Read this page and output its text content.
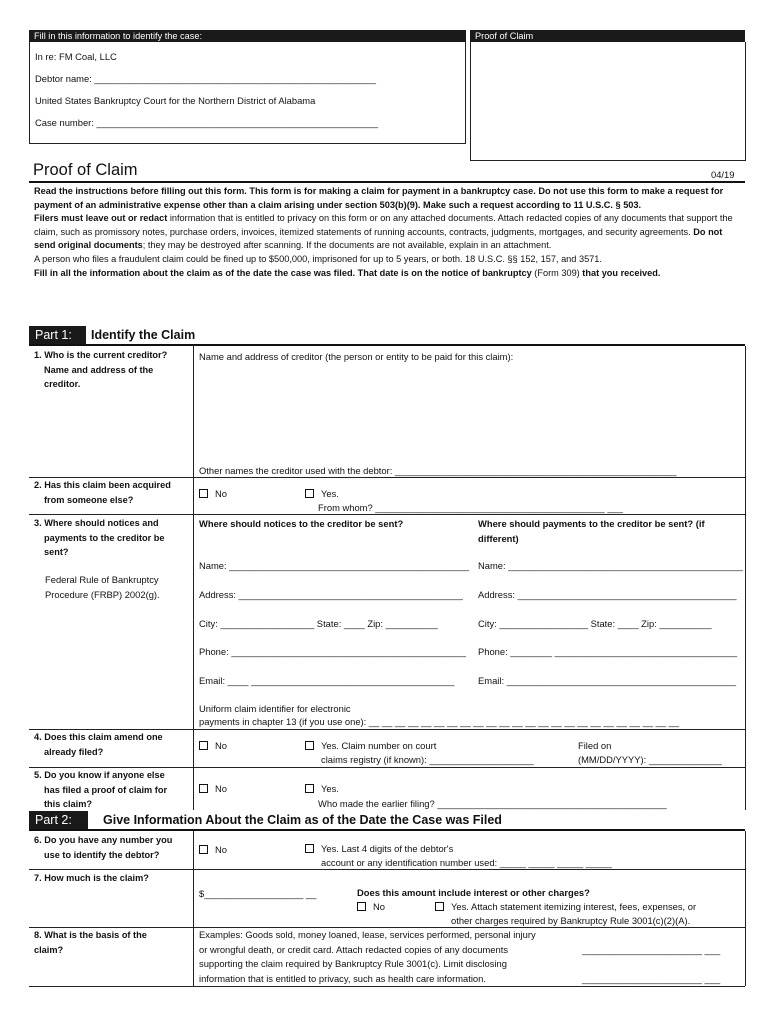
Fill in this information to identify the case:
In re: FM Coal, LLC
Debtor name: ______________________________________________________
United States Bankruptcy Court for the Northern District of Alabama
Case number: ______________________________________________________
Proof of Claim
Proof of Claim	04/19
Read the instructions before filling out this form. This form is for making a claim for payment in a bankruptcy case. Do not use this form to make a request for payment of an administrative expense other than a claim arising under section 503(b)(9). Make such a request according to 11 U.S.C. § 503.
Filers must leave out or redact information that is entitled to privacy on this form or on any attached documents. Attach redacted copies of any documents that support the claim, such as promissory notes, purchase orders, invoices, itemized statements of running accounts, contracts, judgments, mortgages, and security agreements. Do not send original documents; they may be destroyed after scanning. If the documents are not available, explain in an attachment.
A person who files a fraudulent claim could be fined up to $500,000, imprisoned for up to 5 years, or both. 18 U.S.C. §§ 152, 157, and 3571.
Fill in all the information about the claim as of the date the case was filed. That date is on the notice of bankruptcy (Form 309) that you received.
Part 1:	Identify the Claim
1. Who is the current creditor?
Name and address of the
creditor.
Name and address of creditor (the person or entity to be paid for this claim):
Other names the creditor used with the debtor: ______________________________________________________
2. Has this claim been acquired
from someone else?
No	Yes.
From whom? ____________________________________________ ___
3. Where should notices and
payments to the creditor be
sent?
Federal Rule of Bankruptcy
Procedure (FRBP) 2002(g).
Where should notices to the creditor be sent?	Where should payments to the creditor be sent? (if
different)
Name: ______________________________________________
Address: ___________________________________________
City: __________________ State: ____ Zip: __________
Phone: _____________________________________________
Email: ____ _______________________________________
Name: _____________________________________________
Address: __________________________________________
City: _________________ State: ____ Zip: __________
Phone: ________ ___________________________________
Email: ____________________________________________
Uniform claim identifier for electronic
payments in chapter 13 (if you use one): __ __ __ __ __ __ __ __ __ __ __ __ __ __ __ __ __ __ __ __ __ __ __ __
4. Does this claim amend one
already filed?
No	Yes. Claim number on court
claims registry (if known): ____________________
Filed on
(MM/DD/YYYY): ______________
5. Do you know if anyone else
has filed a proof of claim for
this claim?
No	Yes.
Who made the earlier filing? ____________________________________________
Part 2:	Give Information About the Claim as of the Date the Case was Filed
6. Do you have any number you
use to identify the debtor?	No	Yes. Last 4 digits of the debtor's
account or any identification number used: _____ _____ _____ _____
7. How much is the claim?
$___________________ __	Does this amount include interest or other charges?
No	Yes. Attach statement itemizing interest, fees, expenses, or
other charges required by Bankruptcy Rule 3001(c)(2)(A).
8. What is the basis of the
claim?
Examples: Goods sold, money loaned, lease, services performed, personal injury
or wrongful death, or credit card. Attach redacted copies of any documents
supporting the claim required by Bankruptcy Rule 3001(c). Limit disclosing
information that is entitled to privacy, such as health care information.
_______________________ ___
_______________________ ___
